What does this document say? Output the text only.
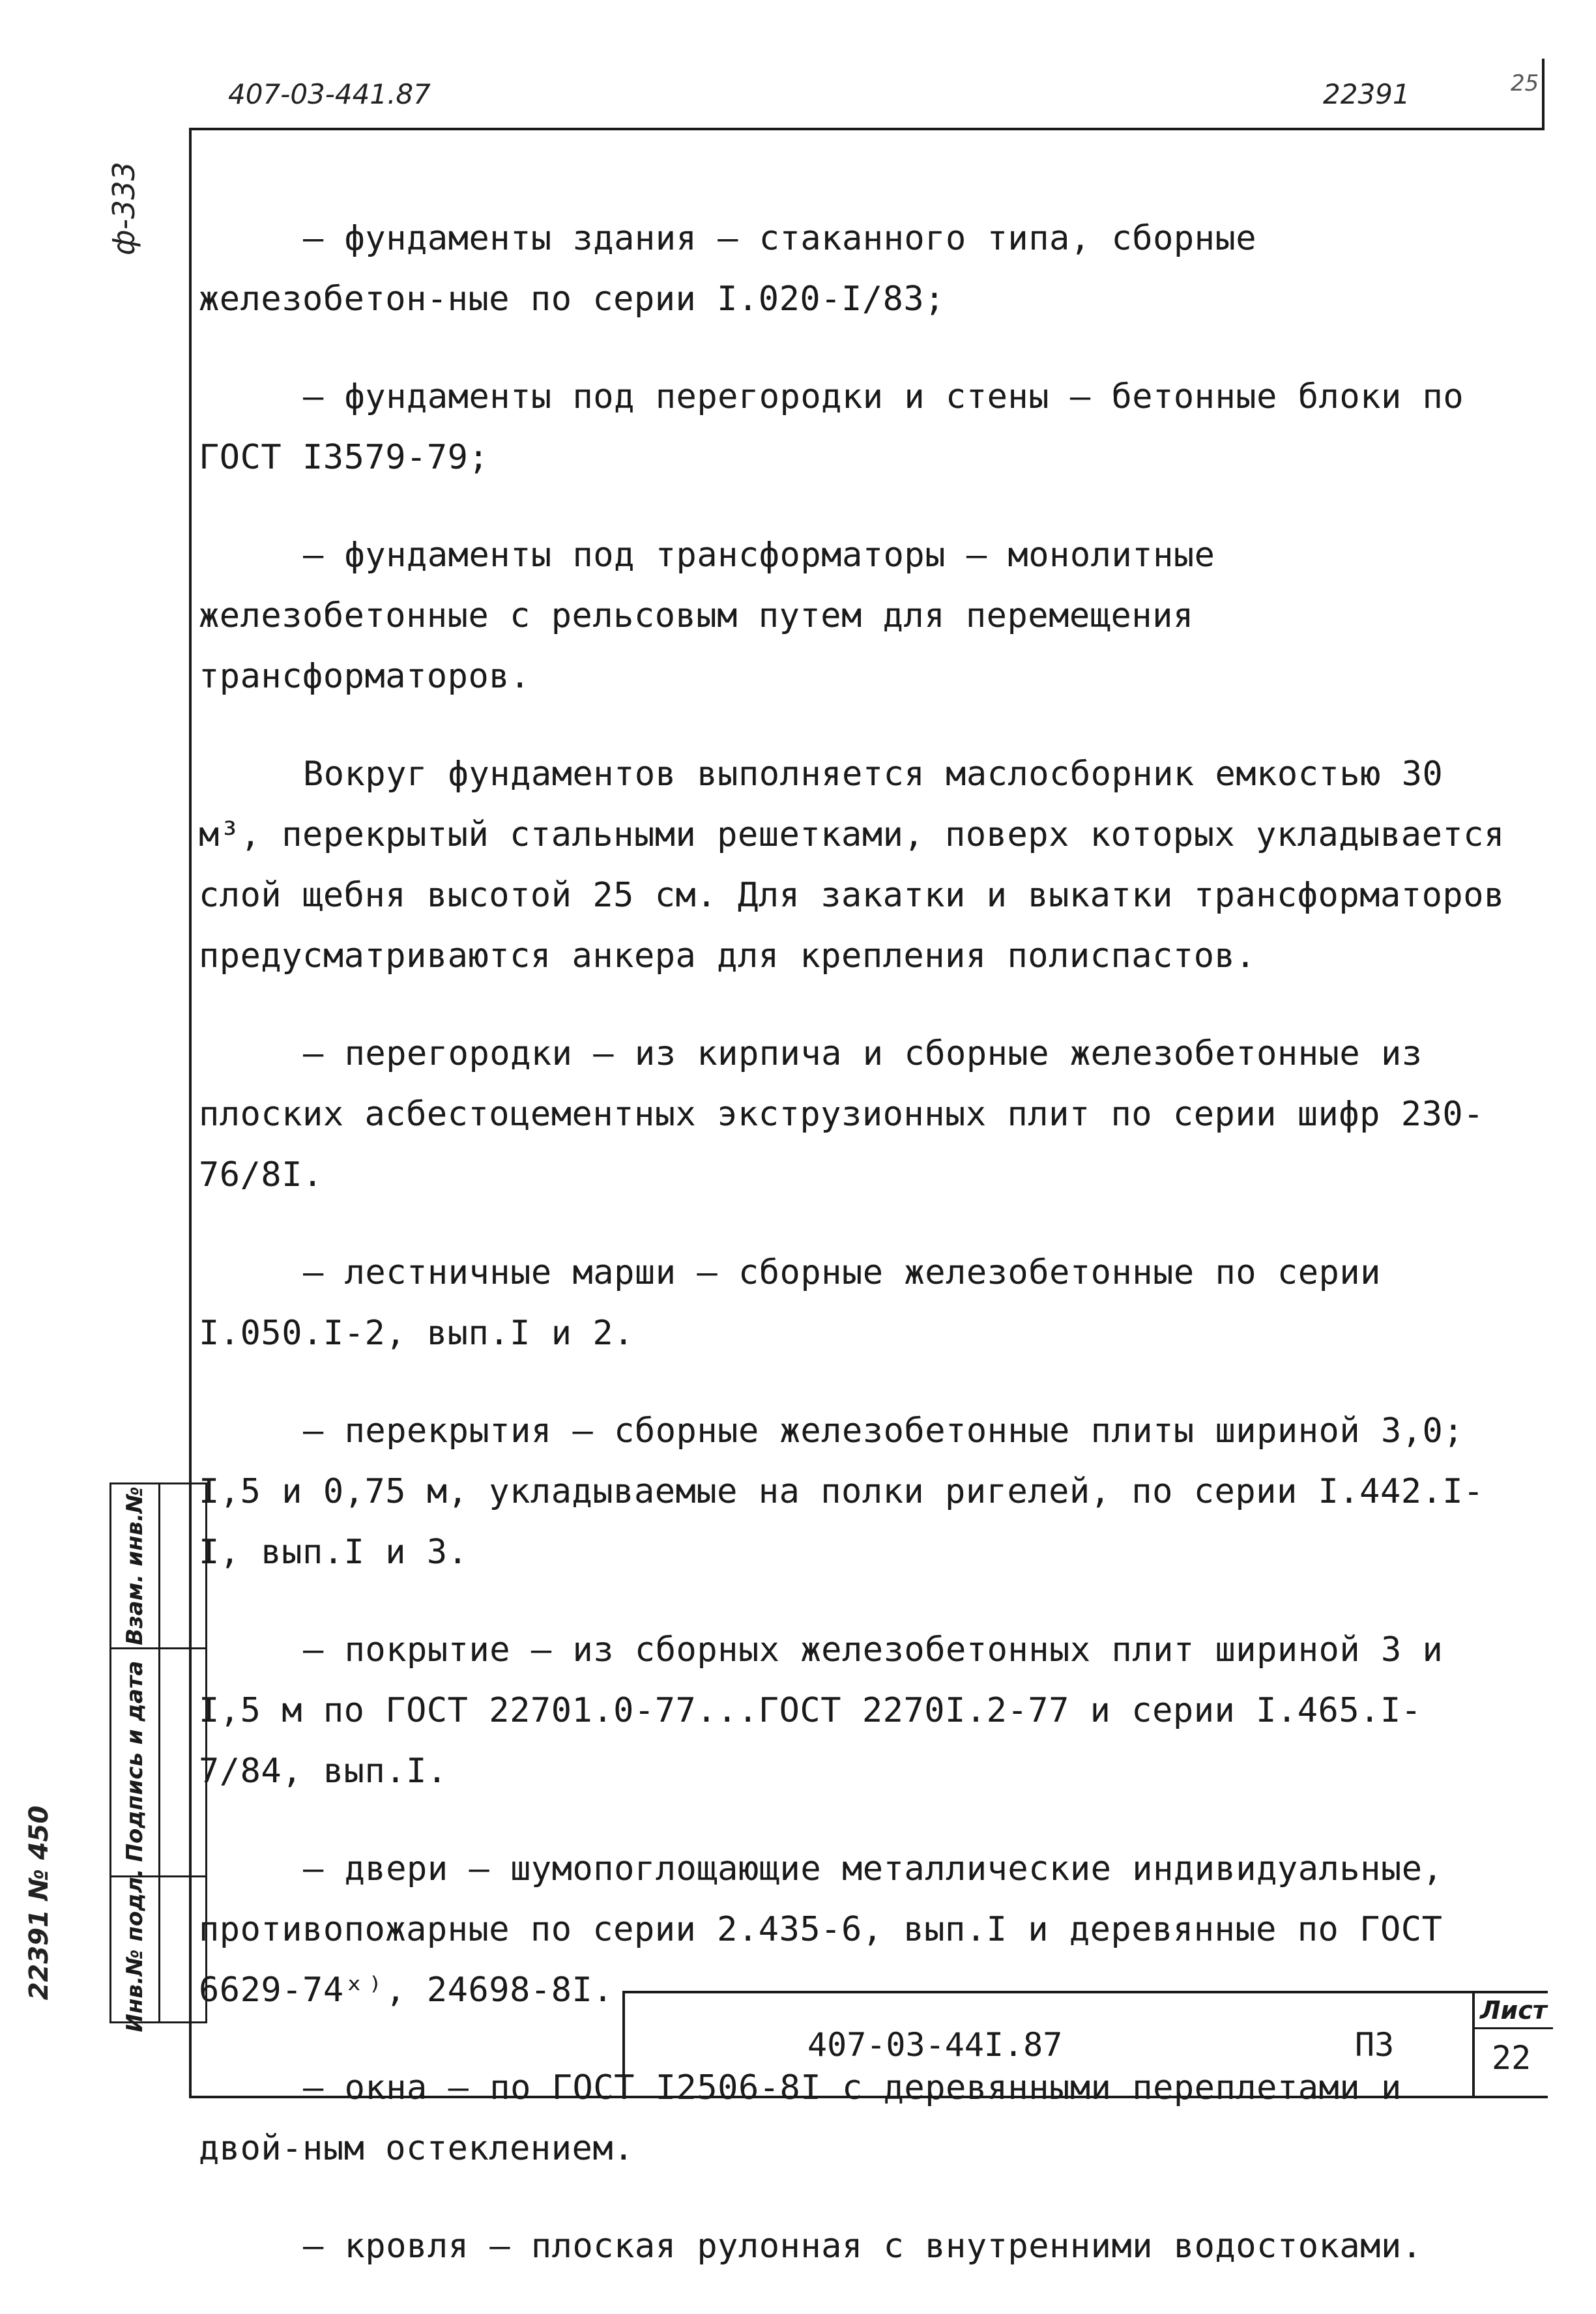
407-03-441.87	22391	25
ф-333	– фундаменты здания – стаканного типа, сборные железобетон-ные по серии I.020-I/83;

– фундаменты под перегородки и стены – бетонные блоки по ГОСТ I3579-79;

– фундаменты под трансформаторы – монолитные железобетонные с рельсовым путем для перемещения трансформаторов.

Вокруг фундаментов выполняется маслосборник емкостью 30 м³, перекрытый стальными решетками, поверх которых укладывается слой щебня высотой 25 см. Для закатки и выкатки трансформаторов предусматриваются анкера для крепления полиспастов.

– перегородки – из кирпича и сборные железобетонные из плоских асбестоцементных экструзионных плит по серии шифр 230-76/8I.

– лестничные марши – сборные железобетонные по серии I.050.I-2, вып.I и 2.

– перекрытия – сборные железобетонные плиты шириной 3,0; I,5 и 0,75 м, укладываемые на полки ригелей, по серии I.442.I-I, вып.I и 3.

– покрытие – из сборных железобетонных плит шириной 3 и I,5 м по ГОСТ 22701.0-77...ГОСТ 2270I.2-77 и серии I.465.I-7/84, вып.I.

– двери – шумопоглощающие металлические индивидуальные, противопожарные по серии 2.435-6, вып.I и деревянные по ГОСТ 6629-74ˣ⁾, 24698-8I.

– окна – по ГОСТ I2506-8I с деревянными переплетами и двой-ным остеклением.

– кровля – плоская рулонная с внутренними водостоками.

Взам. инв.№
Подпись и дата
Инв.№ подл.
22391 № 450
407-03-44I.87	ПЗ
Лист
22
